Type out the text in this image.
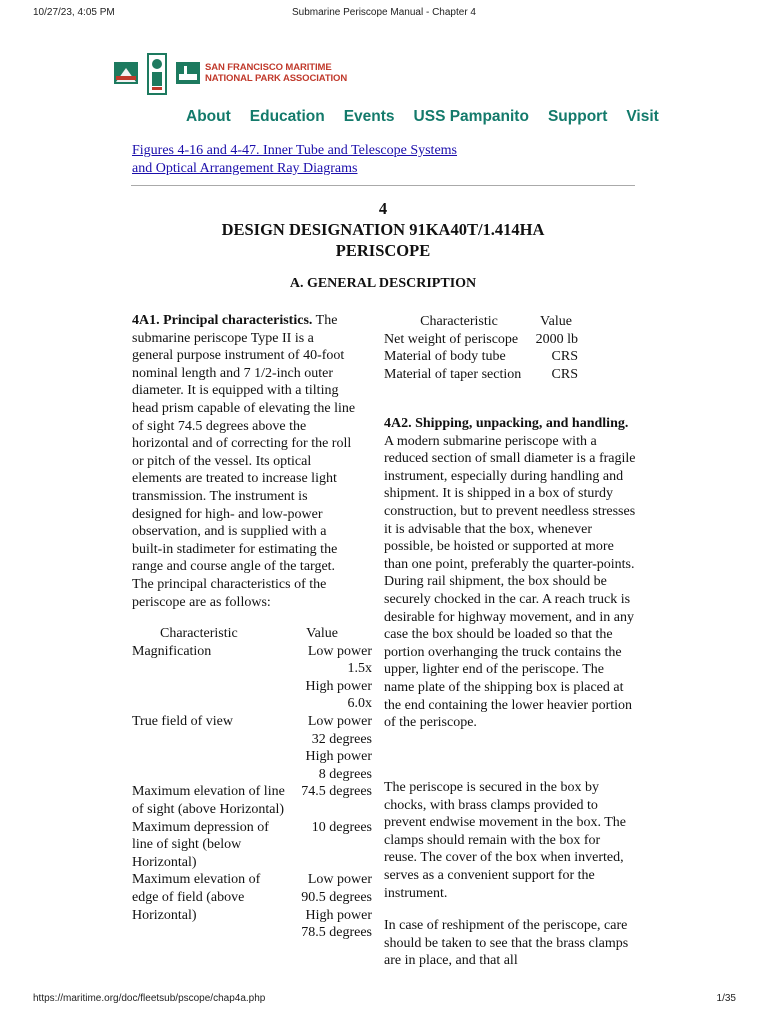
10/27/23, 4:05 PM	Submarine Periscope Manual - Chapter 4
SAN FRANCISCO MARITIME
NATIONAL PARK ASSOCIATION
About Education Events USS Pampanito Support Visit
Figures 4-16 and 4-47. Inner Tube and Telescope Systems
and Optical Arrangement Ray Diagrams
4
DESIGN DESIGNATION 91KA40T/1.414HA
PERISCOPE
A. GENERAL DESCRIPTION
4A1. Principal characteristics. The submarine periscope Type II is a general purpose instrument of 40-foot nominal length and 7 1/2-inch outer diameter. It is equipped with a tilting head prism capable of elevating the line of sight 74.5 degrees above the horizontal and of correcting for the roll or pitch of the vessel. Its optical elements are treated to increase light transmission. The instrument is designed for high- and low-power observation, and is supplied with a built-in stadimeter for estimating the range and course angle of the target. The principal characteristics of the periscope are as follows:
Characteristic	Value
Magnification	Low power
1.5x
High power
6.0x
True field of view	Low power
32 degrees
High power
8 degrees
Maximum elevation of line of sight (above Horizontal)	74.5 degrees
Maximum depression of line of sight (below Horizontal)	10 degrees
Maximum elevation of edge of field (above Horizontal)	Low power
90.5 degrees
High power
78.5 degrees
Characteristic	Value
Net weight of periscope	2000 lb
Material of body tube	CRS
Material of taper section	CRS
4A2. Shipping, unpacking, and handling. A modern submarine periscope with a reduced section of small diameter is a fragile instrument, especially during handling and shipment. It is shipped in a box of sturdy construction, but to prevent needless stresses it is advisable that the box, whenever possible, be hoisted or supported at more than one point, preferably the quarter-points. During rail shipment, the box should be securely chocked in the car. A reach truck is desirable for highway movement, and in any case the box should be loaded so that the portion overhanging the truck contains the upper, lighter end of the periscope. The name plate of the shipping box is placed at the end containing the lower heavier portion of the periscope.
The periscope is secured in the box by chocks, with brass clamps provided to prevent endwise movement in the box. The clamps should remain with the box for reuse. The cover of the box when inverted, serves as a convenient support for the instrument.
In case of reshipment of the periscope, care should be taken to see that the brass clamps are in place, and that all
https://maritime.org/doc/fleetsub/pscope/chap4a.php	1/35
